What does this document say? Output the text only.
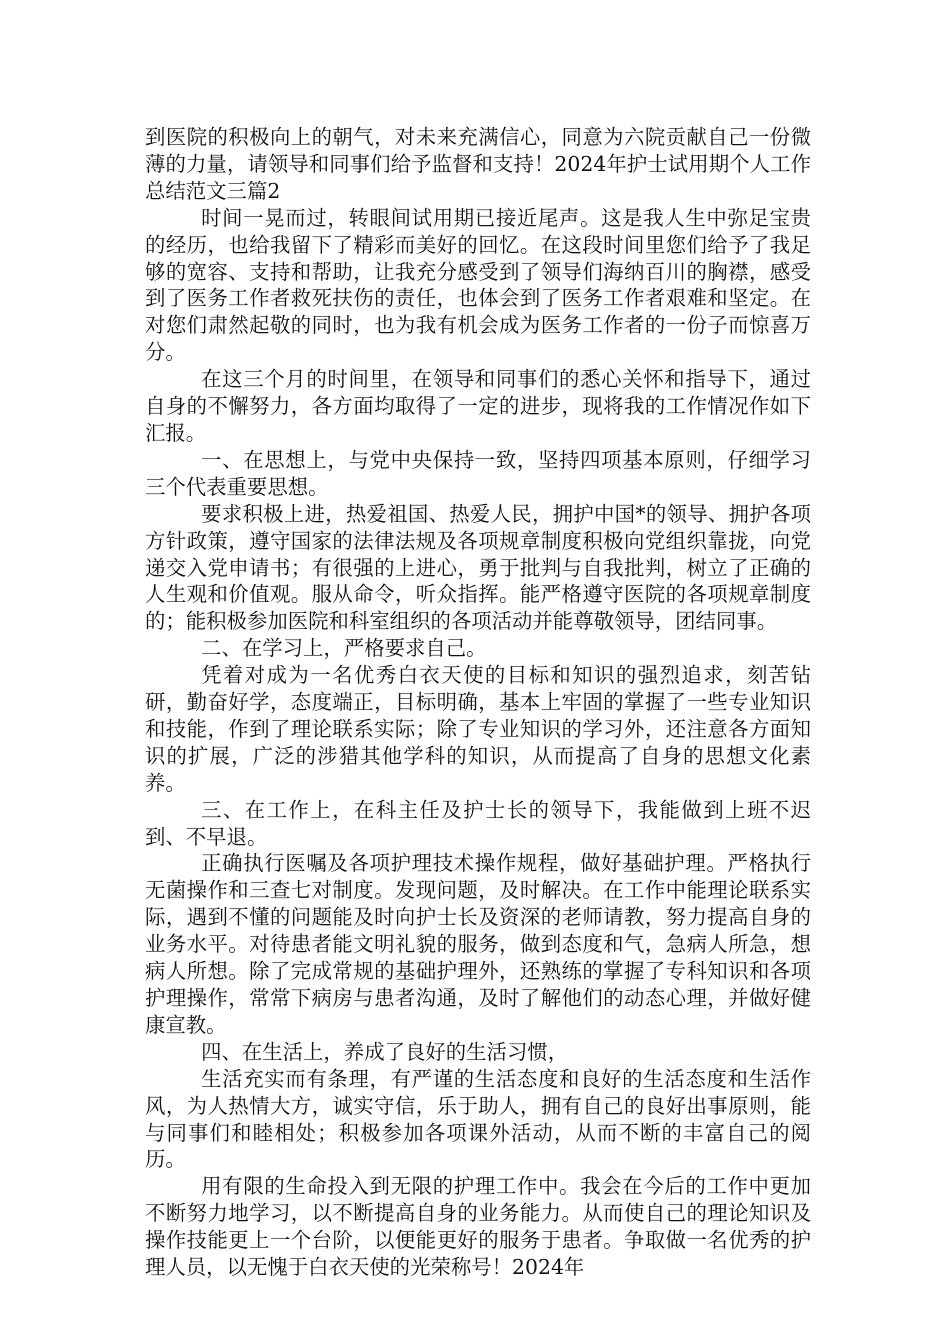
到医院的积极向上的朝气，对未来充满信心，同意为六院贡献自己一份微薄的力量，请领导和同事们给予监督和支持！2024年护士试用期个人工作总结范文三篇2

时间一晃而过，转眼间试用期已接近尾声。这是我人生中弥足宝贵的经历，也给我留下了精彩而美好的回忆。在这段时间里您们给予了我足够的宽容、支持和帮助，让我充分感受到了领导们海纳百川的胸襟，感受到了医务工作者救死扶伤的责任，也体会到了医务工作者艰难和坚定。在对您们肃然起敬的同时，也为我有机会成为医务工作者的一份子而惊喜万分。

在这三个月的时间里，在领导和同事们的悉心关怀和指导下，通过自身的不懈努力，各方面均取得了一定的进步，现将我的工作情况作如下汇报。

一、在思想上，与党中央保持一致，坚持四项基本原则，仔细学习三个代表重要思想。

要求积极上进，热爱祖国、热爱人民，拥护中国*的领导、拥护各项方针政策，遵守国家的法律法规及各项规章制度积极向党组织靠拢，向党递交入党申请书；有很强的上进心，勇于批判与自我批判，树立了正确的人生观和价值观。服从命令，听众指挥。能严格遵守医院的各项规章制度的；能积极参加医院和科室组织的各项活动并能尊敬领导，团结同事。

二、在学习上，严格要求自己。

凭着对成为一名优秀白衣天使的目标和知识的强烈追求，刻苦钻研，勤奋好学，态度端正，目标明确，基本上牢固的掌握了一些专业知识和技能，作到了理论联系实际；除了专业知识的学习外，还注意各方面知识的扩展，广泛的涉猎其他学科的知识，从而提高了自身的思想文化素养。

三、在工作上，在科主任及护士长的领导下，我能做到上班不迟到、不早退。

正确执行医嘱及各项护理技术操作规程，做好基础护理。严格执行无菌操作和三查七对制度。发现问题，及时解决。在工作中能理论联系实际，遇到不懂的问题能及时向护士长及资深的老师请教，努力提高自身的业务水平。对待患者能文明礼貌的服务，做到态度和气，急病人所急，想病人所想。除了完成常规的基础护理外，还熟练的掌握了专科知识和各项护理操作，常常下病房与患者沟通，及时了解他们的动态心理，并做好健康宣教。

四、在生活上，养成了良好的生活习惯，

生活充实而有条理，有严谨的生活态度和良好的生活态度和生活作风，为人热情大方，诚实守信，乐于助人，拥有自己的良好出事原则，能与同事们和睦相处；积极参加各项课外活动，从而不断的丰富自己的阅历。

用有限的生命投入到无限的护理工作中。我会在今后的工作中更加不断努力地学习，以不断提高自身的业务能力。从而使自己的理论知识及操作技能更上一个台阶，以便能更好的服务于患者。争取做一名优秀的护理人员，以无愧于白衣天使的光荣称号！2024年
